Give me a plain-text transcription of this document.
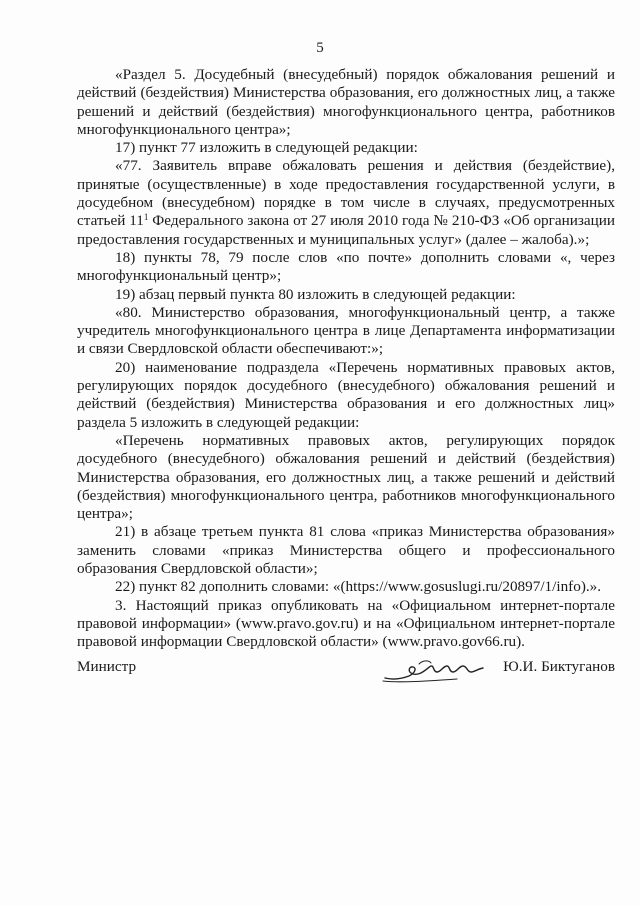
5

«Раздел 5. Досудебный (внесудебный) порядок обжалования решений и действий (бездействия) Министерства образования, его должностных лиц, а также решений и действий (бездействия) многофункционального центра, работников многофункционального центра»;

17) пункт 77 изложить в следующей редакции:

«77. Заявитель вправе обжаловать решения и действия (бездействие), принятые (осуществленные) в ходе предоставления государственной услуги, в досудебном (внесудебном) порядке в том числе в случаях, предусмотренных статьей $11^1$ Федерального закона от 27 июля 2010 года № 210-ФЗ «Об организации предоставления государственных и муниципальных услуг» (далее – жалоба).»;

18) пункты 78, 79 после слов «по почте» дополнить словами «, через многофункциональный центр»;

19) абзац первый пункта 80 изложить в следующей редакции:

«80. Министерство образования, многофункциональный центр, а также учредитель многофункционального центра в лице Департамента информатизации и связи Свердловской области обеспечивают:»;

20) наименование подраздела «Перечень нормативных правовых актов, регулирующих порядок досудебного (внесудебного) обжалования решений и действий (бездействия) Министерства образования и его должностных лиц» раздела 5 изложить в следующей редакции:

«Перечень нормативных правовых актов, регулирующих порядок досудебного (внесудебного) обжалования решений и действий (бездействия) Министерства образования, его должностных лиц, а также решений и действий (бездействия) многофункционального центра, работников многофункционального центра»;

21) в абзаце третьем пункта 81 слова «приказ Министерства образования» заменить словами «приказ Министерства общего и профессионального образования Свердловской области»;

22) пункт 82 дополнить словами: «(https://www.gosuslugi.ru/20897/1/info).».

3. Настоящий приказ опубликовать на «Официальном интернет-портале правовой информации» (www.pravo.gov.ru) и на «Официальном интернет-портале правовой информации Свердловской области» (www.pravo.gov66.ru).

Министр	Ю.И. Биктуганов
